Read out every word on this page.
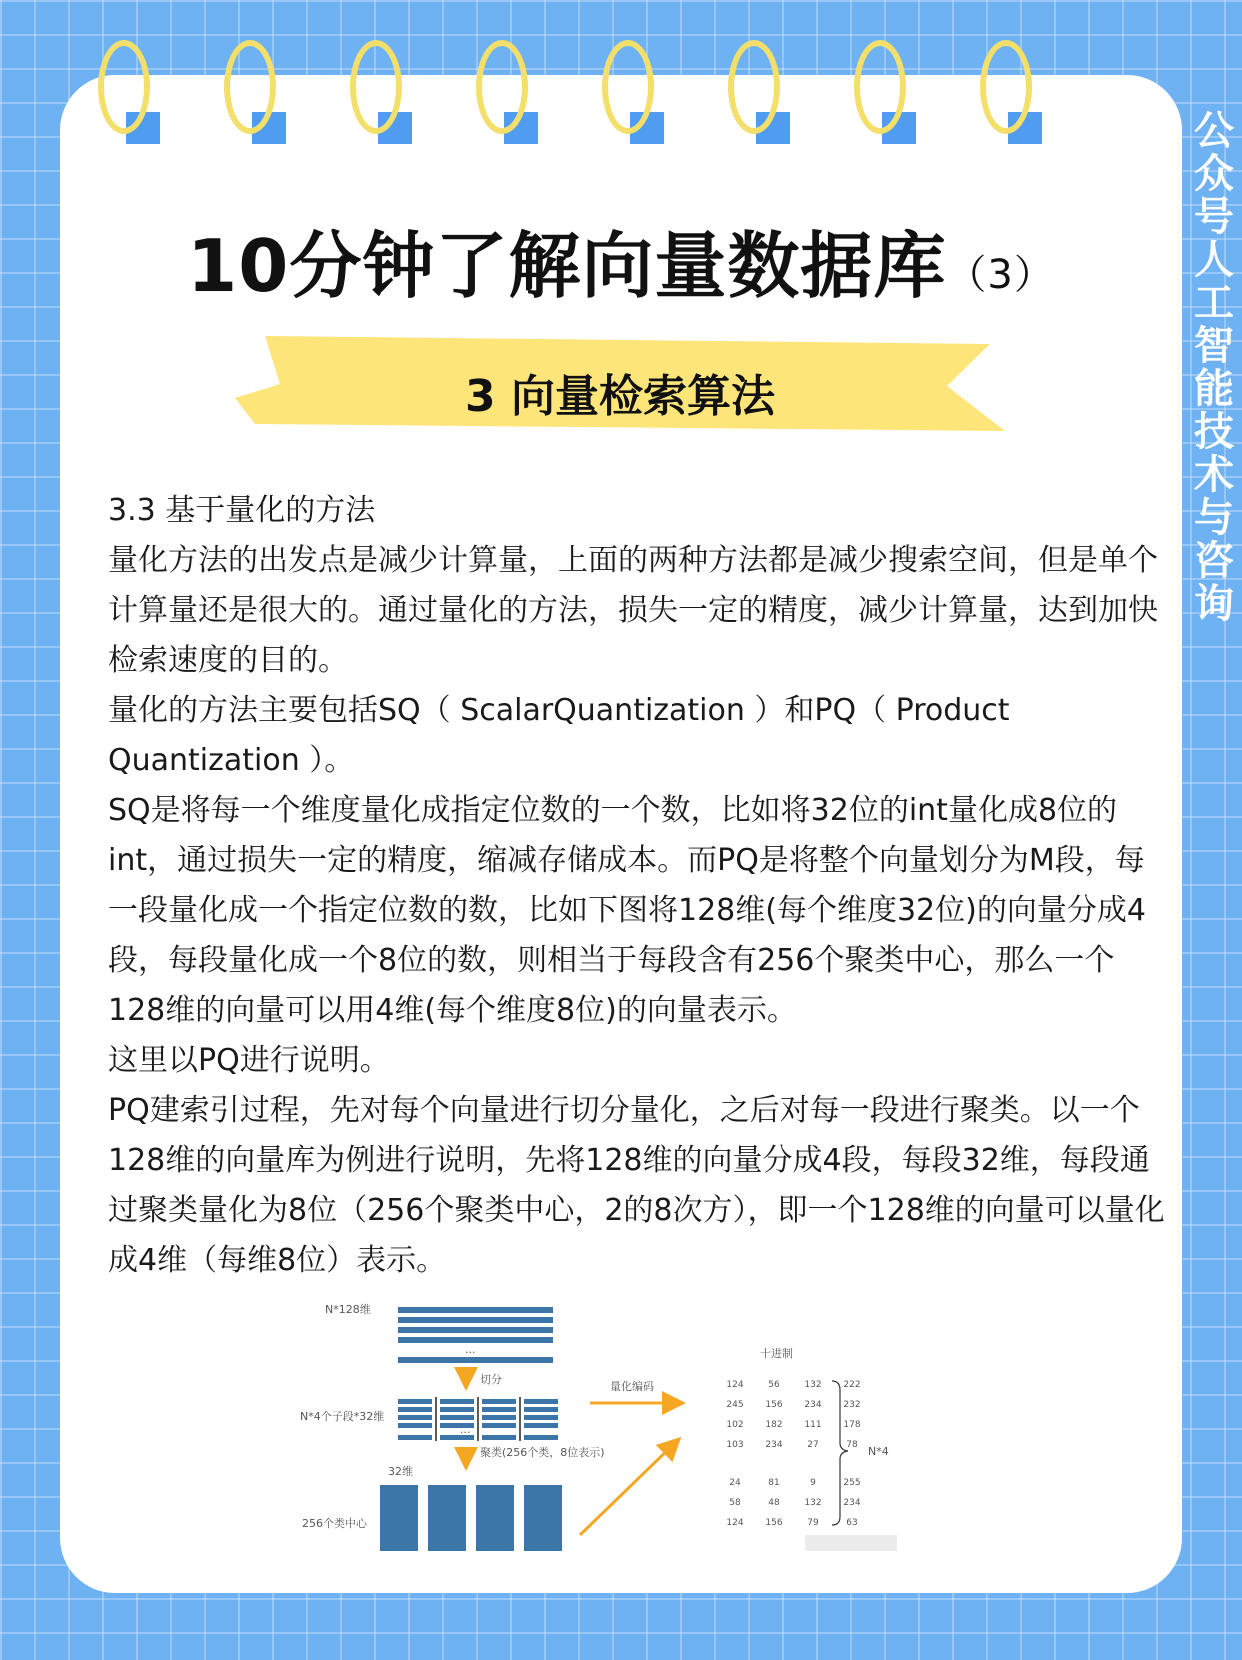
公众号 人工智能技术与咨询
10分钟了解向量数据库（3）
3 向量检索算法

3.3 基于量化的方法

量化方法的出发点是减少计算量，上面的两种方法都是减少搜索空间，但是单个计算量还是很大的。通过量化的方法，损失一定的精度，减少计算量，达到加快检索速度的目的。

量化的方法主要包括SQ（ ScalarQuantization ）和PQ（ Product Quantization ）。

SQ是将每一个维度量化成指定位数的一个数，比如将32位的int量化成8位的int，通过损失一定的精度，缩减存储成本。而PQ是将整个向量划分为M段，每一段量化成一个指定位数的数，比如下图将128维(每个维度32位)的向量分成4段，每段量化成一个8位的数，则相当于每段含有256个聚类中心，那么一个128维的向量可以用4维(每个维度8位)的向量表示。

这里以PQ进行说明。

PQ建索引过程，先对每个向量进行切分量化，之后对每一段进行聚类。以一个128维的向量库为例进行说明，先将128维的向量分成4段，每段32维，每段通过聚类量化为8位（256个聚类中心，2的8次方），即一个128维的向量可以量化成4维（每维8位）表示。

N*128维
...
切分
N*4个子段*32维
...
聚类(256个类，8位表示)
32维
256个类中心
量化编码
十进制
124	56	132 222
245 156 234 232
102 182 111 178
103 234	27	78
24	81	9	255
58	48	132 234
124 156	79	63
N*4
